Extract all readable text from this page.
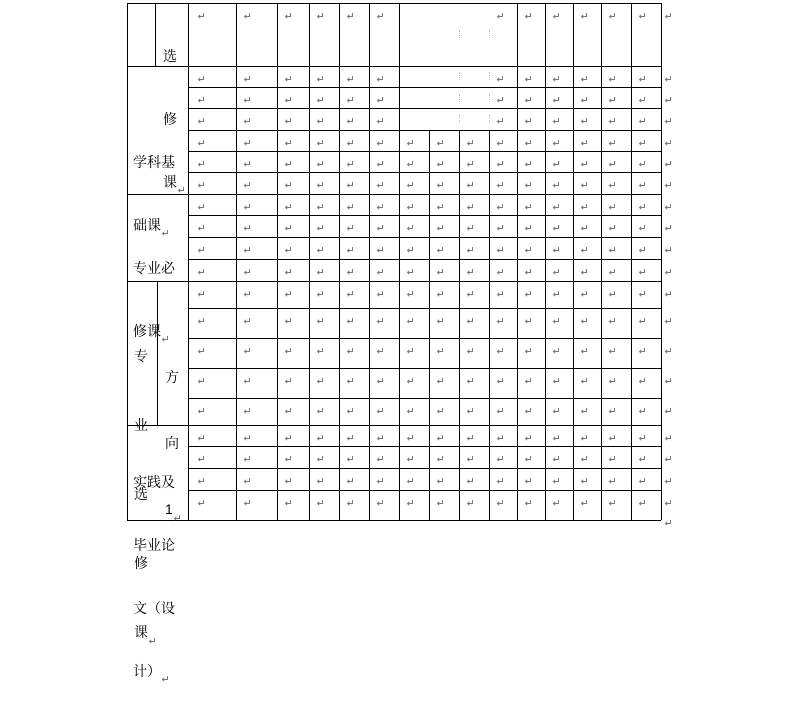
选

修

课

学科基

础课

专业必

修课

专

业

选

修

课

方

向

1

实践及

毕业论

文（设

计）
